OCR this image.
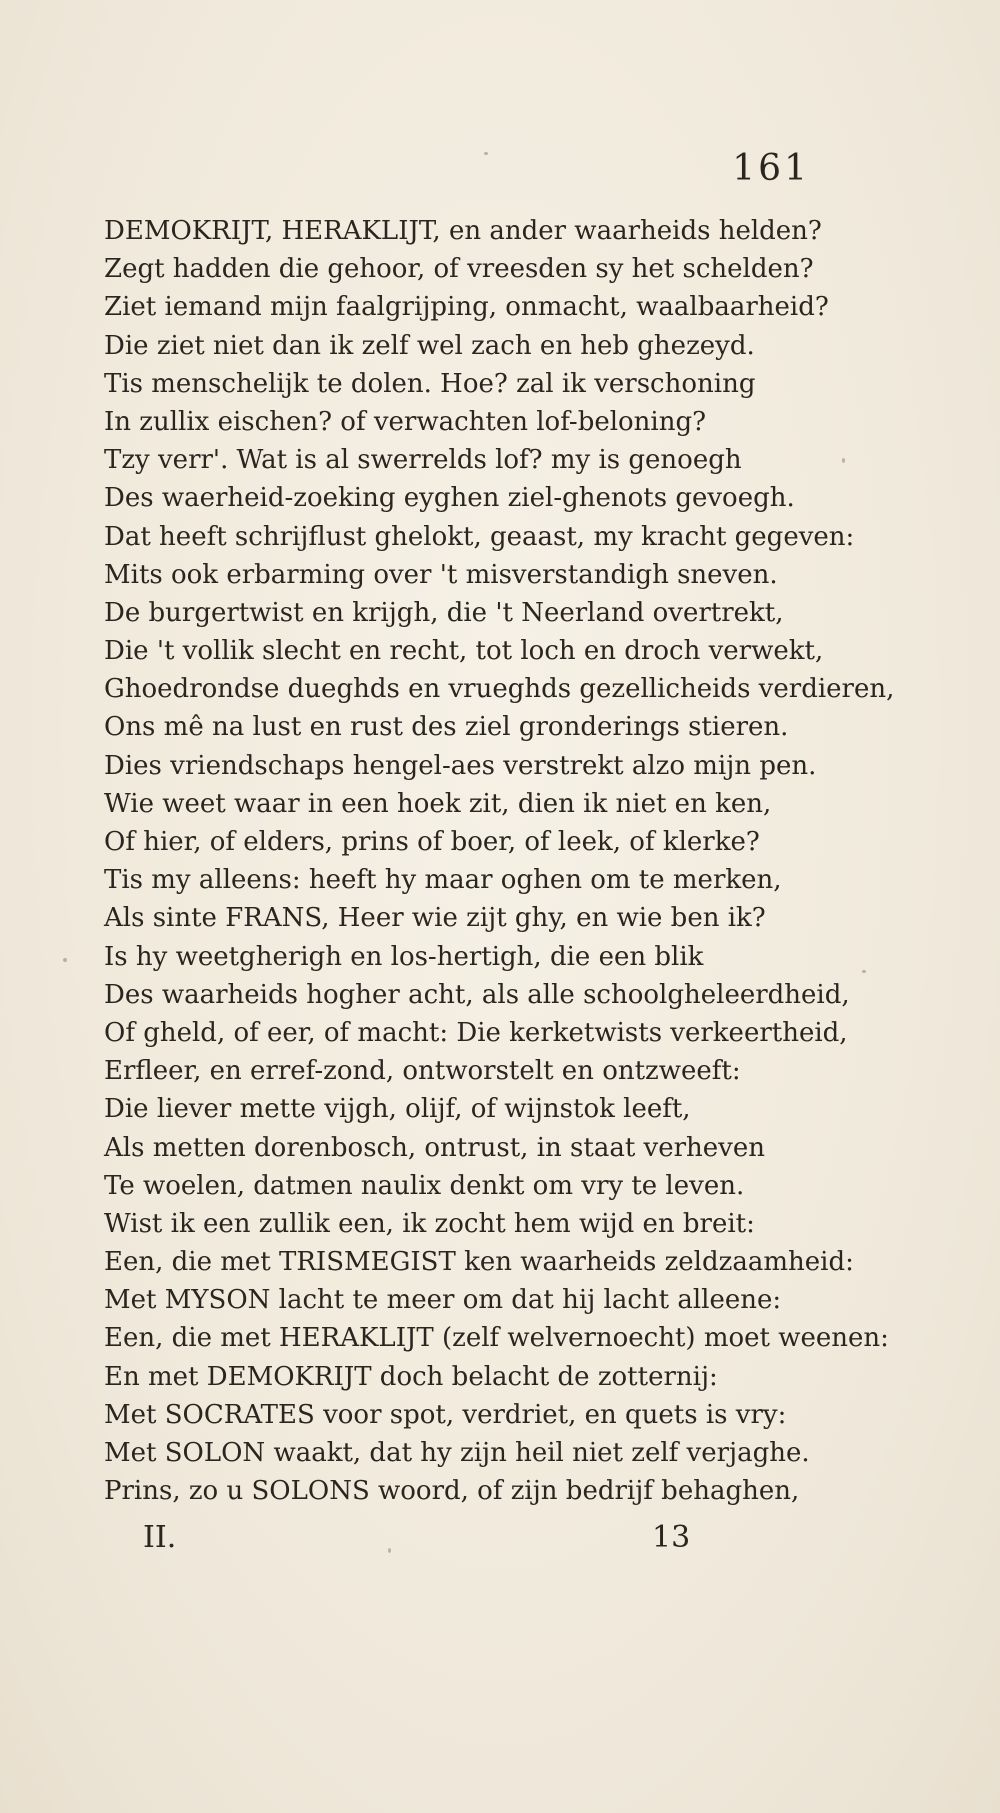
161
DEMOKRIJT, HERAKLIJT, en ander waarheids helden?
Zegt hadden die gehoor, of vreesden sy het schelden?
Ziet iemand mijn faalgrijping, onmacht, waalbaarheid?
Die ziet niet dan ik zelf wel zach en heb ghezeyd.
Tis menschelijk te dolen. Hoe? zal ik verschoning
In zullix eischen? of verwachten lof-beloning?
Tzy verr'. Wat is al swerrelds lof? my is genoegh
Des waerheid-zoeking eyghen ziel-ghenots gevoegh.
Dat heeft schrijflust ghelokt, geaast, my kracht gegeven:
Mits ook erbarming over 't misverstandigh sneven.
De burgertwist en krijgh, die 't Neerland overtrekt,
Die 't vollik slecht en recht, tot loch en droch verwekt,
Ghoedrondse dueghds en vrueghds gezellicheids verdieren,
Ons mê na lust en rust des ziel gronderings stieren.
Dies vriendschaps hengel-aes verstrekt alzo mijn pen.
Wie weet waar in een hoek zit, dien ik niet en ken,
Of hier, of elders, prins of boer, of leek, of klerke?
Tis my alleens: heeft hy maar oghen om te merken,
Als sinte FRANS, Heer wie zijt ghy, en wie ben ik?
Is hy weetgherigh en los-hertigh, die een blik
Des waarheids hogher acht, als alle schoolgheleerdheid,
Of gheld, of eer, of macht: Die kerketwists verkeertheid,
Erfleer, en erref-zond, ontworstelt en ontzweeft:
Die liever mette vijgh, olijf, of wijnstok leeft,
Als metten dorenbosch, ontrust, in staat verheven
Te woelen, datmen naulix denkt om vry te leven.
Wist ik een zullik een, ik zocht hem wijd en breit:
Een, die met TRISMEGIST ken waarheids zeldzaamheid:
Met MYSON lacht te meer om dat hij lacht alleene:
Een, die met HERAKLIJT (zelf welvernoecht) moet weenen:
En met DEMOKRIJT doch belacht de zotternij:
Met SOCRATES voor spot, verdriet, en quets is vry:
Met SOLON waakt, dat hy zijn heil niet zelf verjaghe.
Prins, zo u SOLONS woord, of zijn bedrijf behaghen,
II.	13
